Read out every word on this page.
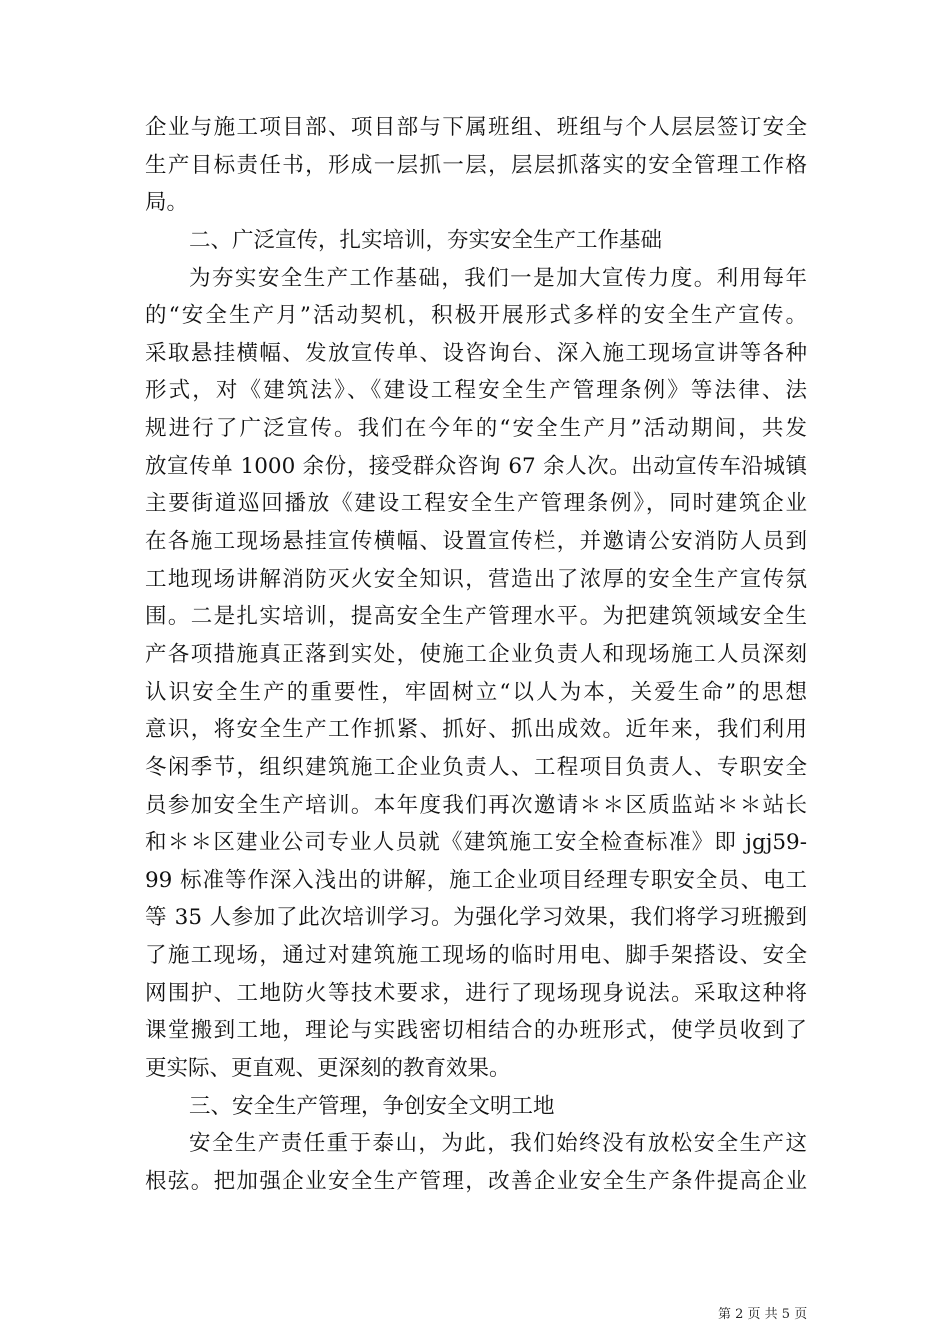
企业与施工项目部、项目部与下属班组、班组与个人层层签订安全
生产目标责任书，形成一层抓一层，层层抓落实的安全管理工作格
局。
二、广泛宣传，扎实培训，夯实安全生产工作基础
为夯实安全生产工作基础，我们一是加大宣传力度。利用每年
的“安全生产月”活动契机，积极开展形式多样的安全生产宣传。
采取悬挂横幅、发放宣传单、设咨询台、深入施工现场宣讲等各种
形式，对《建筑法》、《建设工程安全生产管理条例》等法律、法
规进行了广泛宣传。我们在今年的“安全生产月”活动期间，共发
放宣传单 1000 余份，接受群众咨询 67 余人次。出动宣传车沿城镇
主要街道巡回播放《建设工程安全生产管理条例》，同时建筑企业
在各施工现场悬挂宣传横幅、设置宣传栏，并邀请公安消防人员到
工地现场讲解消防灭火安全知识，营造出了浓厚的安全生产宣传氛
围。二是扎实培训，提高安全生产管理水平。为把建筑领域安全生
产各项措施真正落到实处，使施工企业负责人和现场施工人员深刻
认识安全生产的重要性，牢固树立“以人为本，关爱生命”的思想
意识，将安全生产工作抓紧、抓好、抓出成效。近年来，我们利用
冬闲季节，组织建筑施工企业负责人、工程项目负责人、专职安全
员参加安全生产培训。本年度我们再次邀请＊＊区质监站＊＊站长
和＊＊区建业公司专业人员就《建筑施工安全检查标准》即 jgj59-
99 标准等作深入浅出的讲解，施工企业项目经理专职安全员、电工
等 35 人参加了此次培训学习。为强化学习效果，我们将学习班搬到
了施工现场，通过对建筑施工现场的临时用电、脚手架搭设、安全
网围护、工地防火等技术要求，进行了现场现身说法。采取这种将
课堂搬到工地，理论与实践密切相结合的办班形式，使学员收到了
更实际、更直观、更深刻的教育效果。
三、安全生产管理，争创安全文明工地
安全生产责任重于泰山，为此，我们始终没有放松安全生产这
根弦。把加强企业安全生产管理，改善企业安全生产条件提高企业
第 2 页 共 5 页
